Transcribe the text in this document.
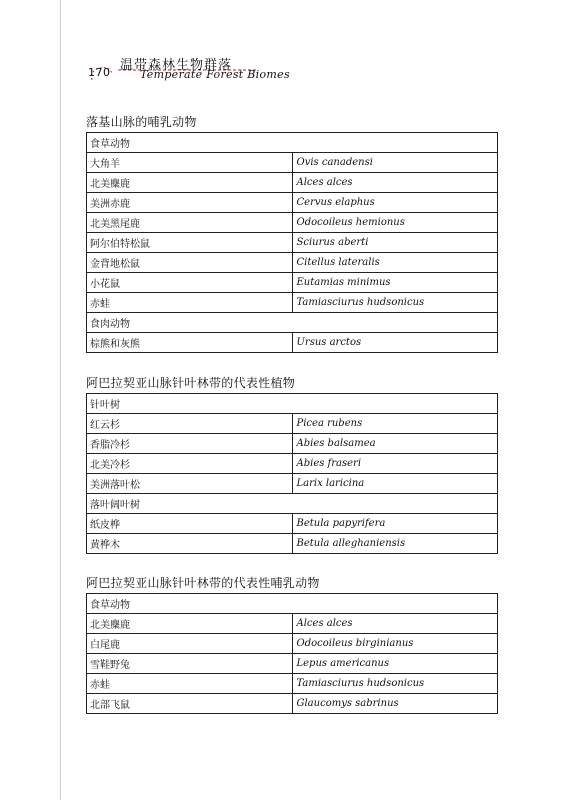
170 温带森林生物群落
Temperate Forest Biomes
落基山脉的哺乳动物
食草动物	
大角羊	Ovis canadensi
北美麋鹿	Alces alces
美洲赤鹿	Cervus elaphus
北美黑尾鹿	Odocoileus hemionus
阿尔伯特松鼠	Sciurus aberti
金背地松鼠	Citellus lateralis
小花鼠	Eutamias minimus
赤蛙	Tamiasciurus hudsonicus
食肉动物	
棕熊和灰熊	Ursus arctos
阿巴拉契亚山脉针叶林带的代表性植物
针叶树	
红云杉	Picea rubens
香脂冷杉	Abies balsamea
北美冷杉	Abies fraseri
美洲落叶松	Larix laricina
落叶阔叶树	
纸皮桦	Betula papyrifera
黄桦木	Betula alleghaniensis
阿巴拉契亚山脉针叶林带的代表性哺乳动物
食草动物	
北美麋鹿	Alces alces
白尾鹿	Odocoileus birginianus
雪鞋野兔	Lepus americanus
赤蛙	Tamiasciurus hudsonicus
北部飞鼠	Glaucomys sabrinus
